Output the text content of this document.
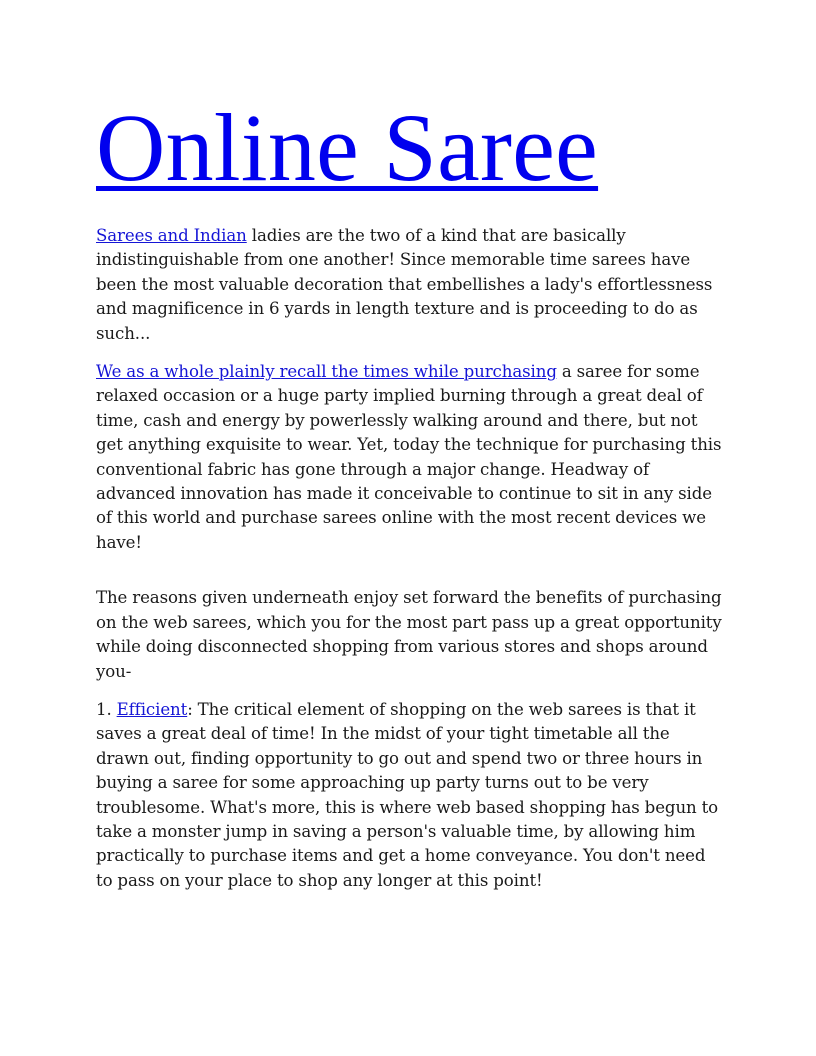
Online Saree

Sarees and Indian ladies are the two of a kind that are basically indistinguishable from one another! Since memorable time sarees have been the most valuable decoration that embellishes a lady's effortlessness and magnificence in 6 yards in length texture and is proceeding to do as such...

We as a whole plainly recall the times while purchasing a saree for some relaxed occasion or a huge party implied burning through a great deal of time, cash and energy by powerlessly walking around and there, but not get anything exquisite to wear. Yet, today the technique for purchasing this conventional fabric has gone through a major change. Headway of advanced innovation has made it conceivable to continue to sit in any side of this world and purchase sarees online with the most recent devices we have!

The reasons given underneath enjoy set forward the benefits of purchasing on the web sarees, which you for the most part pass up a great opportunity while doing disconnected shopping from various stores and shops around you-

1. Efficient: The critical element of shopping on the web sarees is that it saves a great deal of time! In the midst of your tight timetable all the drawn out, finding opportunity to go out and spend two or three hours in buying a saree for some approaching up party turns out to be very troublesome. What's more, this is where web based shopping has begun to take a monster jump in saving a person's valuable time, by allowing him practically to purchase items and get a home conveyance. You don't need to pass on your place to shop any longer at this point!
